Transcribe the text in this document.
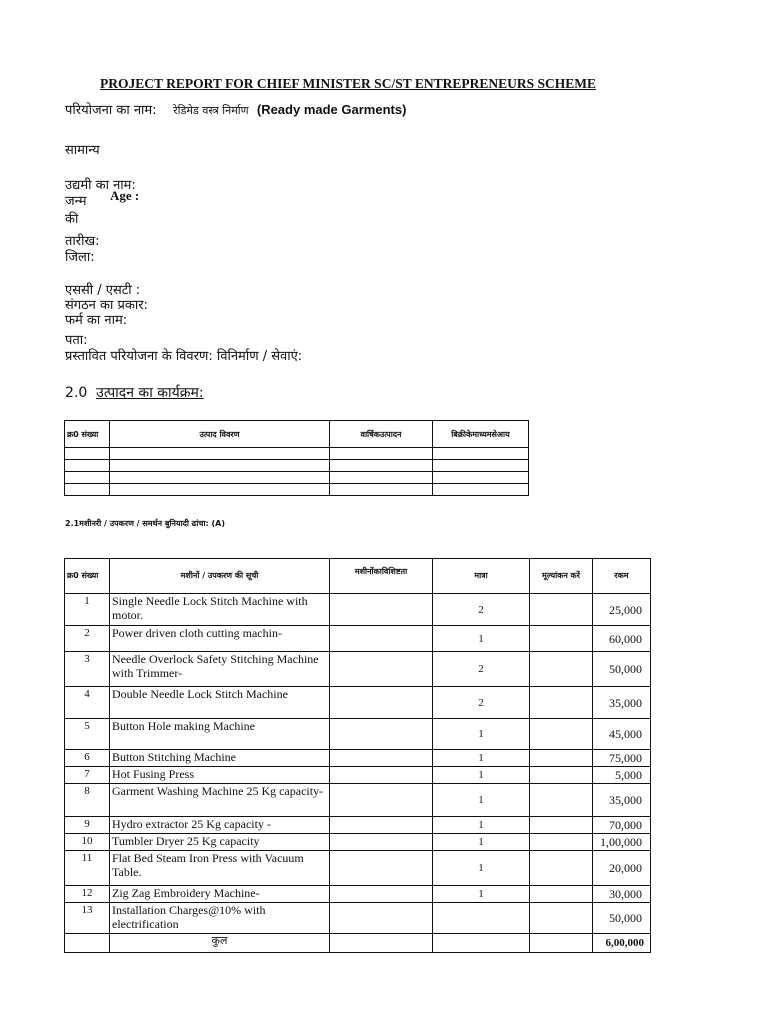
PROJECT REPORT FOR CHIEF MINISTER SC/ST ENTREPRENEURS SCHEME
परियोजना का नाम: रेडिमेड वस्त्र निर्माण (Ready made Garments)
सामान्य
उद्यमी का नाम:
जन्म Age :
की
तारीख:
जिला:
एससी / एसटी :
संगठन का प्रकार:
फर्म का नाम:
पता:
प्रस्तावित परियोजना के विवरण: विनिर्माण / सेवाएं:
2.0 उत्पादन का कार्यक्रम:
क्र0 संख्या	उत्पाद विवरण	वार्षिकउत्पादन	बिक्रीकेमाध्यमसेआय

2.1मशीनरी / उपकरण / समर्थन बुनियादी ढांचा: (A)
क्र0 संख्या	मशीनों / उपकरण की सूची	मशीनोंकाविशिष्टता	मात्रा	मूल्यांकन करें	रकम
1	Single Needle Lock Stitch Machine with motor.		2		25,000
2	Power driven cloth cutting machin-		1		60,000
3	Needle Overlock Safety Stitching Machine with Trimmer-		2		50,000
4	Double Needle Lock Stitch Machine		2		35,000
5	Button Hole making Machine		1		45,000
6	Button Stitching Machine		1		75,000
7	Hot Fusing Press		1		5,000
8	Garment Washing Machine 25 Kg capacity-		1		35,000
9	Hydro extractor 25 Kg capacity -		1		70,000
10	Tumbler Dryer 25 Kg capacity		1		1,00,000
11	Flat Bed Steam Iron Press with Vacuum Table.		1		20,000
12	Zig Zag Embroidery Machine-		1		30,000
13	Installation Charges@10% with electrification				50,000
	कुल				6,00,000
